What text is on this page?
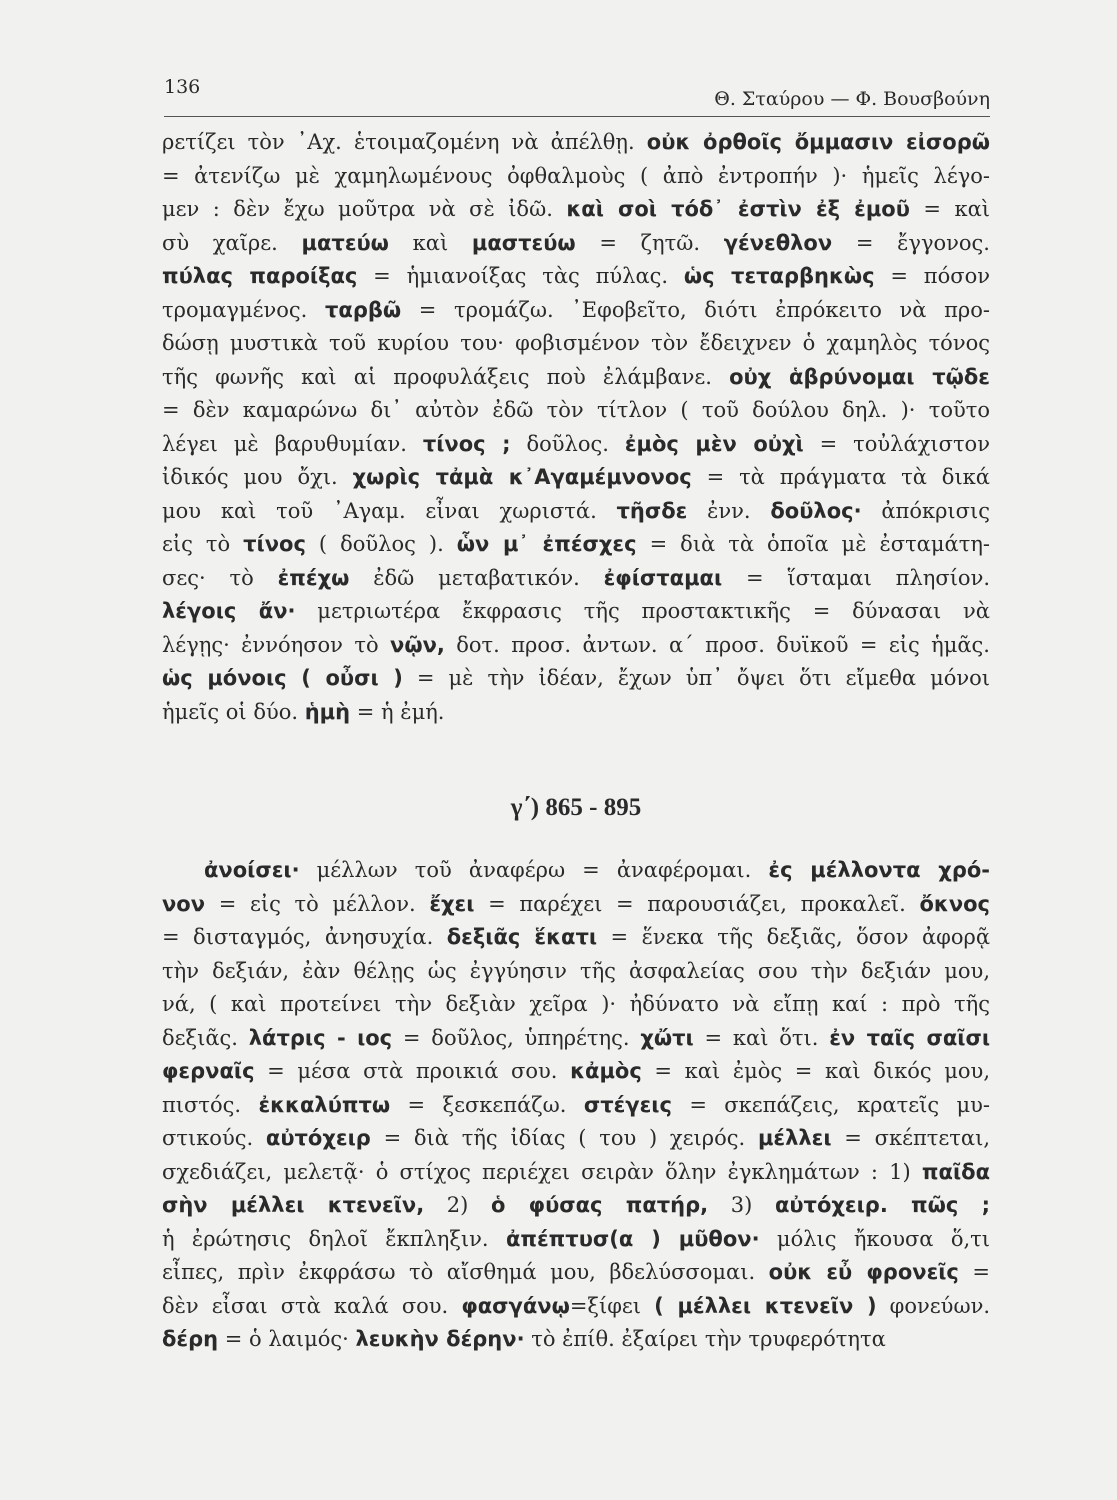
136
Θ. Σταύρου — Φ. Βουσβούνη
ρετίζει τὸν ᾿Αχ. ἑτοιμαζομένη νὰ ἀπέλθῃ. οὐκ ὀρθοῖς ὄμμασιν εἰσορῶ
= ἀτενίζω μὲ χαμηλωμένους ὀφθαλμοὺς ( ἀπὸ ἐντροπήν )· ἡμεῖς λέγο-
μεν : δὲν ἔχω μοῦτρα νὰ σὲ ἰδῶ. καὶ σοὶ τόδ᾿ ἐστὶν ἐξ ἐμοῦ = καὶ
σὺ χαῖρε. ματεύω καὶ μαστεύω = ζητῶ. γένεθλον = ἔγγονος.
πύλας παροίξας = ἡμιανοίξας τὰς πύλας. ὡς τεταρβηκὼς = πόσον
τρομαγμένος. ταρβῶ = τρομάζω. ᾿Εφοβεῖτο, διότι ἐπρόκειτο νὰ προ-
δώσῃ μυστικὰ τοῦ κυρίου του· φοβισμένον τὸν ἔδειχνεν ὁ χαμηλὸς τόνος
τῆς φωνῆς καὶ αἱ προφυλάξεις ποὺ ἐλάμβανε. οὐχ ἁβρύνομαι τῷδε
= δὲν καμαρώνω δι᾿ αὐτὸν ἐδῶ τὸν τίτλον ( τοῦ δούλου δηλ. )· τοῦτο
λέγει μὲ βαρυθυμίαν. τίνος ; δοῦλος. ἐμὸς μὲν οὐχὶ = τοὐλάχιστον
ἰδικός μου ὄχι. χωρὶς τἀμὰ κ᾿Αγαμέμνονος = τὰ πράγματα τὰ δικά
μου καὶ τοῦ ᾿Αγαμ. εἶναι χωριστά. τῆσδε ἐνν. δοῦλος· ἀπόκρισις
εἰς τὸ τίνος ( δοῦλος ). ὧν μ᾿ ἐπέσχες = διὰ τὰ ὁποῖα μὲ ἐσταμάτη-
σες· τὸ ἐπέχω ἐδῶ μεταβατικόν. ἐφίσταμαι = ἵσταμαι πλησίον.
λέγοις ἄν· μετριωτέρα ἔκφρασις τῆς προστακτικῆς = δύνασαι νὰ
λέγῃς· ἐννόησον τὸ νῷν, δοτ. προσ. ἀντων. α΄ προσ. δυϊκοῦ = εἰς ἡμᾶς.
ὡς μόνοις ( οὖσι ) = μὲ τὴν ἰδέαν, ἔχων ὑπ᾿ ὄψει ὅτι εἴμεθα μόνοι
ἡμεῖς οἱ δύο. ἡμὴ = ἡ ἐμή.
γ΄) 865 - 895
ἀνοίσει· μέλλων τοῦ ἀναφέρω = ἀναφέρομαι. ἐς μέλλοντα χρό-
νον = εἰς τὸ μέλλον. ἔχει = παρέχει = παρουσιάζει, προκαλεῖ. ὄκνος
= δισταγμός, ἀνησυχία. δεξιᾶς ἕκατι = ἕνεκα τῆς δεξιᾶς, ὅσον ἀφορᾷ
τὴν δεξιάν, ἐὰν θέλῃς ὡς ἐγγύησιν τῆς ἀσφαλείας σου τὴν δεξιάν μου,
νά, ( καὶ προτείνει τὴν δεξιὰν χεῖρα )· ἠδύνατο νὰ εἴπῃ καί : πρὸ τῆς
δεξιᾶς. λάτρις - ιος = δοῦλος, ὑπηρέτης. χὤτι = καὶ ὅτι. ἐν ταῖς σαῖσι
φερναῖς = μέσα στὰ προικιά σου. κἀμὸς = καὶ ἐμὸς = καὶ δικός μου,
πιστός. ἐκκαλύπτω = ξεσκεπάζω. στέγεις = σκεπάζεις, κρατεῖς μυ-
στικούς. αὐτόχειρ = διὰ τῆς ἰδίας ( του ) χειρός. μέλλει = σκέπτεται,
σχεδιάζει, μελετᾷ· ὁ στίχος περιέχει σειρὰν ὅλην ἐγκλημάτων : 1) παῖδα
σὴν μέλλει κτενεῖν, 2) ὁ φύσας πατήρ, 3) αὐτόχειρ. πῶς ;
ἡ ἐρώτησις δηλοῖ ἔκπληξιν. ἀπέπτυσ(α ) μῦθον· μόλις ἤκουσα ὅ,τι
εἶπες, πρὶν ἐκφράσω τὸ αἴσθημά μου, βδελύσσομαι. οὐκ εὖ φρονεῖς =
δὲν εἶσαι στὰ καλά σου. φασγάνῳ=ξίφει ( μέλλει κτενεῖν ) φονεύων.
δέρη = ὁ λαιμός· λευκὴν δέρην· τὸ ἐπίθ. ἐξαίρει τὴν τρυφερότητα
